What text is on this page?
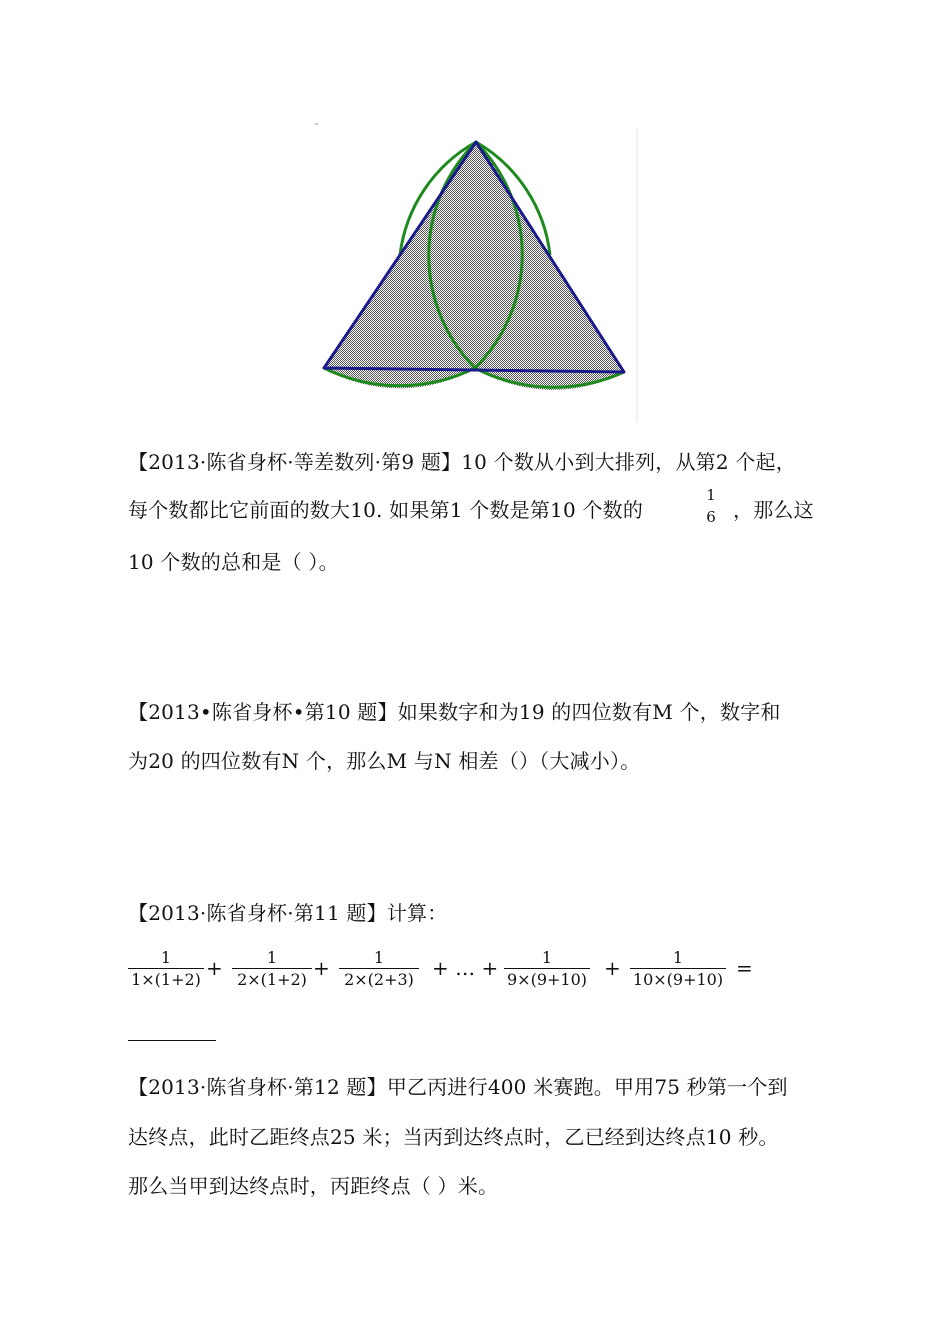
【2013·陈省身杯·等差数列·第9 题】10 个数从小到大排列，从第2 个起，
每个数都比它前面的数大10. 如果第1 个数是第10 个数的
1
6 ，那么这
10 个数的总和是（ ）。
【2013•陈省身杯•第10 题】如果数字和为19 的四位数有M 个，数字和
为20 的四位数有N 个，那么M 与N 相差（）（大减小）。
【2013·陈省身杯·第11 题】计算：
1
1×(1+2) +	1
2×(1+2) +	1
2×(2+3) + … +	1
9×(9+10) +	1
10×(9+10) =
【2013·陈省身杯·第12 题】甲乙丙进行400 米赛跑。甲用75 秒第一个到
达终点，此时乙距终点25 米；当丙到达终点时，乙已经到达终点10 秒。
那么当甲到达终点时，丙距终点（ ）米。
